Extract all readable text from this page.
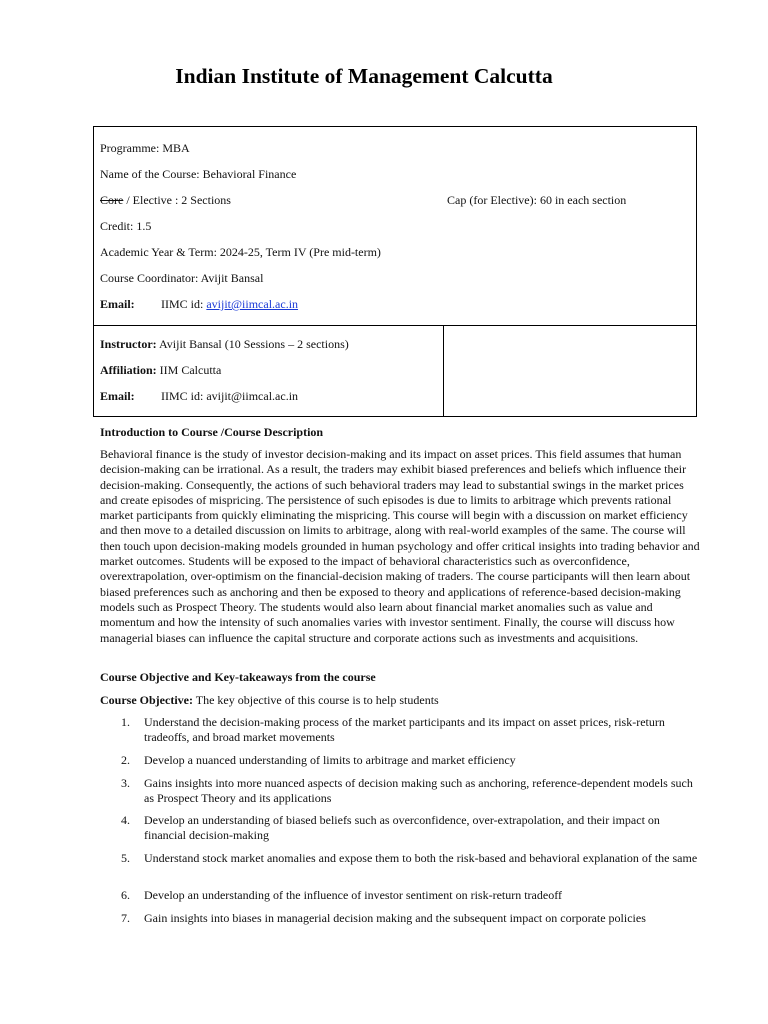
Indian Institute of Management Calcutta
Programme: MBA
Name of the Course: Behavioral Finance
Core / Elective : 2 Sections	Cap (for Elective): 60 in each section
Credit: 1.5
Academic Year & Term: 2024-25, Term IV (Pre mid-term)
Course Coordinator: Avijit Bansal
Email: IIMC id: avijit@iimcal.ac.in
Instructor: Avijit Bansal (10 Sessions – 2 sections)
Affiliation: IIM Calcutta
Email: IIMC id: avijit@iimcal.ac.in
Introduction to Course /Course Description

Behavioral finance is the study of investor decision-making and its impact on asset prices. This field assumes that human decision-making can be irrational. As a result, the traders may exhibit biased preferences and beliefs which influence their decision-making. Consequently, the actions of such behavioral traders may lead to substantial swings in the market prices and create episodes of mispricing. The persistence of such episodes is due to limits to arbitrage which prevents rational market participants from quickly eliminating the mispricing. This course will begin with a discussion on market efficiency and then move to a detailed discussion on limits to arbitrage, along with real-world examples of the same. The course will then touch upon decision-making models grounded in human psychology and offer critical insights into trading behavior and market outcomes. Students will be exposed to the impact of behavioral characteristics such as overconfidence, overextrapolation, over-optimism on the financial-decision making of traders. The course participants will then learn about biased preferences such as anchoring and then be exposed to theory and applications of reference-based decision-making models such as Prospect Theory. The students would also learn about financial market anomalies such as value and momentum and how the intensity of such anomalies varies with investor sentiment. Finally, the course will discuss how managerial biases can influence the capital structure and corporate actions such as investments and acquisitions.

Course Objective and Key-takeaways from the course
Course Objective: The key objective of this course is to help students
1. Understand the decision-making process of the market participants and its impact on asset prices, risk-return tradeoffs, and broad market movements
2. Develop a nuanced understanding of limits to arbitrage and market efficiency
3. Gains insights into more nuanced aspects of decision making such as anchoring, reference-dependent models such as Prospect Theory and its applications
4. Develop an understanding of biased beliefs such as overconfidence, over-extrapolation, and their impact on financial decision-making
5. Understand stock market anomalies and expose them to both the risk-based and behavioral explanation of the same
6. Develop an understanding of the influence of investor sentiment on risk-return tradeoff
7. Gain insights into biases in managerial decision making and the subsequent impact on corporate policies
